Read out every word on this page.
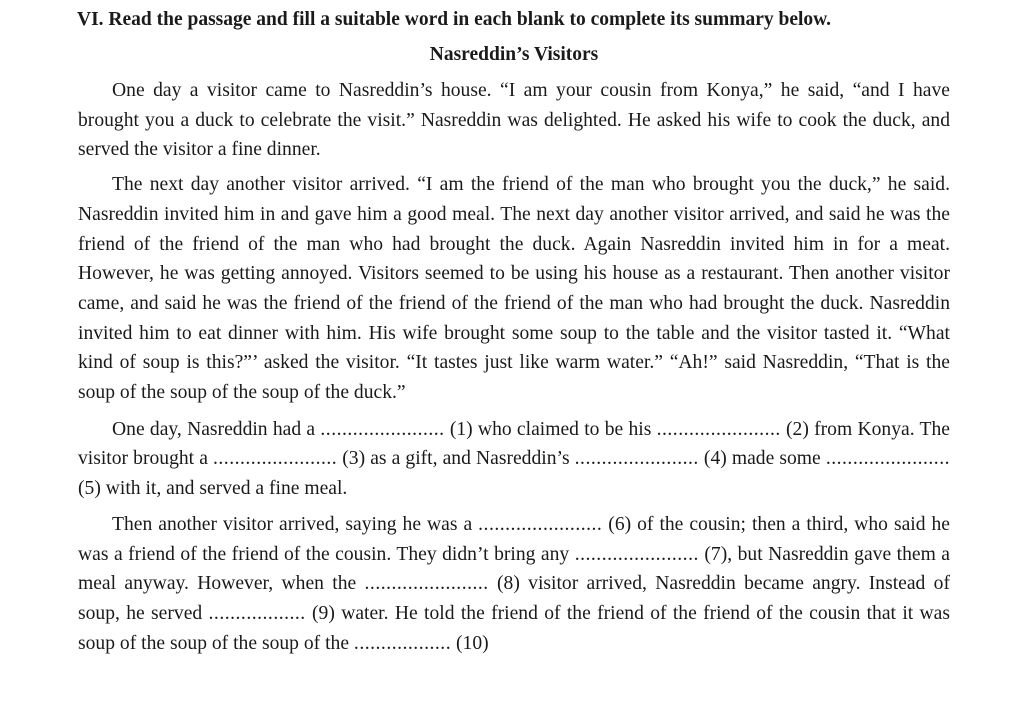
VI. Read the passage and fill a suitable word in each blank to complete its summary below.

Nasreddin’s Visitors

One day a visitor came to Nasreddin’s house. “I am your cousin from Konya,” he said, “and I have brought you a duck to celebrate the visit.” Nasreddin was delighted. He asked his wife to cook the duck, and served the visitor a fine dinner.

The next day another visitor arrived. “I am the friend of the man who brought you the duck,” he said. Nasreddin invited him in and gave him a good meal. The next day another visitor arrived, and said he was the friend of the friend of the man who had brought the duck. Again Nasreddin invited him in for a meat. However, he was getting annoyed. Visitors seemed to be using his house as a restaurant. Then another visitor came, and said he was the friend of the friend of the friend of the man who had brought the duck. Nasreddin invited him to eat dinner with him. His wife brought some soup to the table and the visitor tasted it. “What kind of soup is this?”’ asked the visitor. “It tastes just like warm water.” “Ah!” said Nasreddin, “That is the soup of the soup of the soup of the duck.”

One day, Nasreddin had a ....................... (1) who claimed to be his ....................... (2) from Konya. The visitor brought a ....................... (3) as a gift, and Nasreddin’s ....................... (4) made some ....................... (5) with it, and served a fine meal.

Then another visitor arrived, saying he was a ....................... (6) of the cousin; then a third, who said he was a friend of the friend of the cousin. They didn’t bring any ....................... (7), but Nasreddin gave them a meal anyway. However, when the ....................... (8) visitor arrived, Nasreddin became angry. Instead of soup, he served .................. (9) water. He told the friend of the friend of the friend of the cousin that it was soup of the soup of the soup of the .................. (10)
